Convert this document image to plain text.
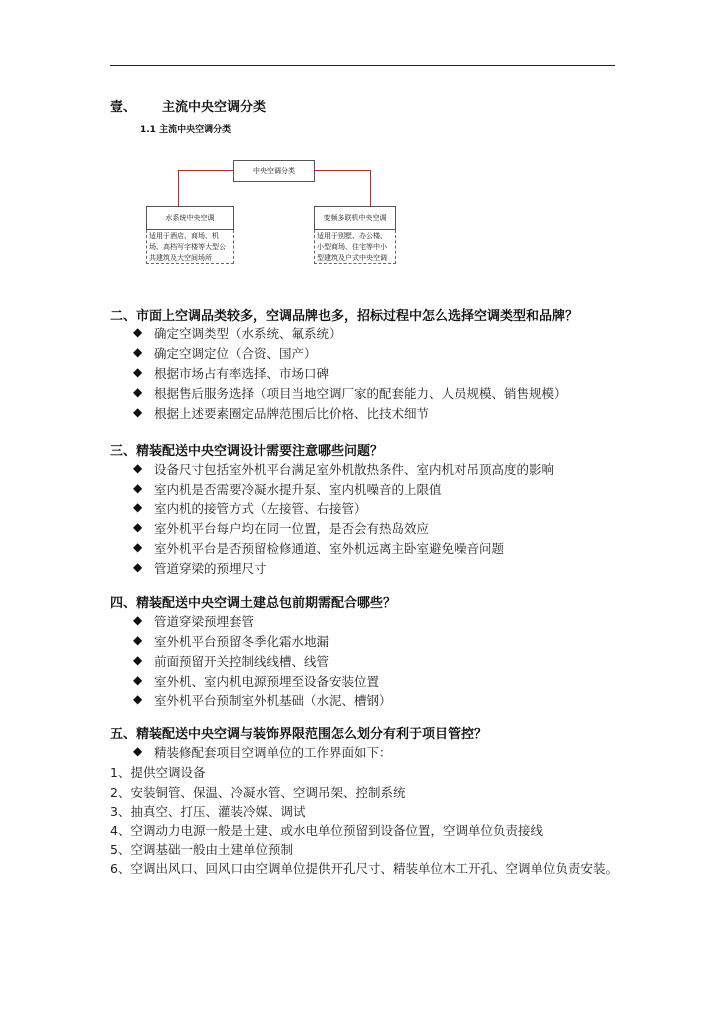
壹、 主流中央空调分类
1.1 主流中央空调分类
中央空调分类
水系统中央空调
适用于酒店、商场、机场、高档写字楼等大型公共建筑及大空间场所
变频多联机中央空调
适用于别墅、办公楼、小型商场、住宅等中小型建筑及户式中央空调
二、市面上空调品类较多，空调品牌也多，招标过程中怎么选择空调类型和品牌？
◆ 确定空调类型（水系统、氟系统）
◆ 确定空调定位（合资、国产）
◆ 根据市场占有率选择、市场口碑
◆ 根据售后服务选择（项目当地空调厂家的配套能力、人员规模、销售规模）
◆ 根据上述要素圈定品牌范围后比价格、比技术细节
三、精装配送中央空调设计需要注意哪些问题？
◆ 设备尺寸包括室外机平台满足室外机散热条件、室内机对吊顶高度的影响
◆ 室内机是否需要冷凝水提升泵、室内机噪音的上限值
◆ 室内机的接管方式（左接管、右接管）
◆ 室外机平台每户均在同一位置，是否会有热岛效应
◆ 室外机平台是否预留检修通道、室外机远离主卧室避免噪音问题
◆ 管道穿梁的预埋尺寸
四、精装配送中央空调土建总包前期需配合哪些？
◆ 管道穿梁预埋套管
◆ 室外机平台预留冬季化霜水地漏
◆ 前面预留开关控制线线槽、线管
◆ 室外机、室内机电源预埋至设备安装位置
◆ 室外机平台预制室外机基础（水泥、槽钢）
五、精装配送中央空调与装饰界限范围怎么划分有利于项目管控？
◆ 精装修配套项目空调单位的工作界面如下：
1、提供空调设备
2、安装铜管、保温、冷凝水管、空调吊架、控制系统
3、抽真空、打压、灌装冷媒、调试
4、空调动力电源一般是土建、或水电单位预留到设备位置，空调单位负责接线
5、空调基础一般由土建单位预制
6、空调出风口、回风口由空调单位提供开孔尺寸、精装单位木工开孔、空调单位负责安装。
